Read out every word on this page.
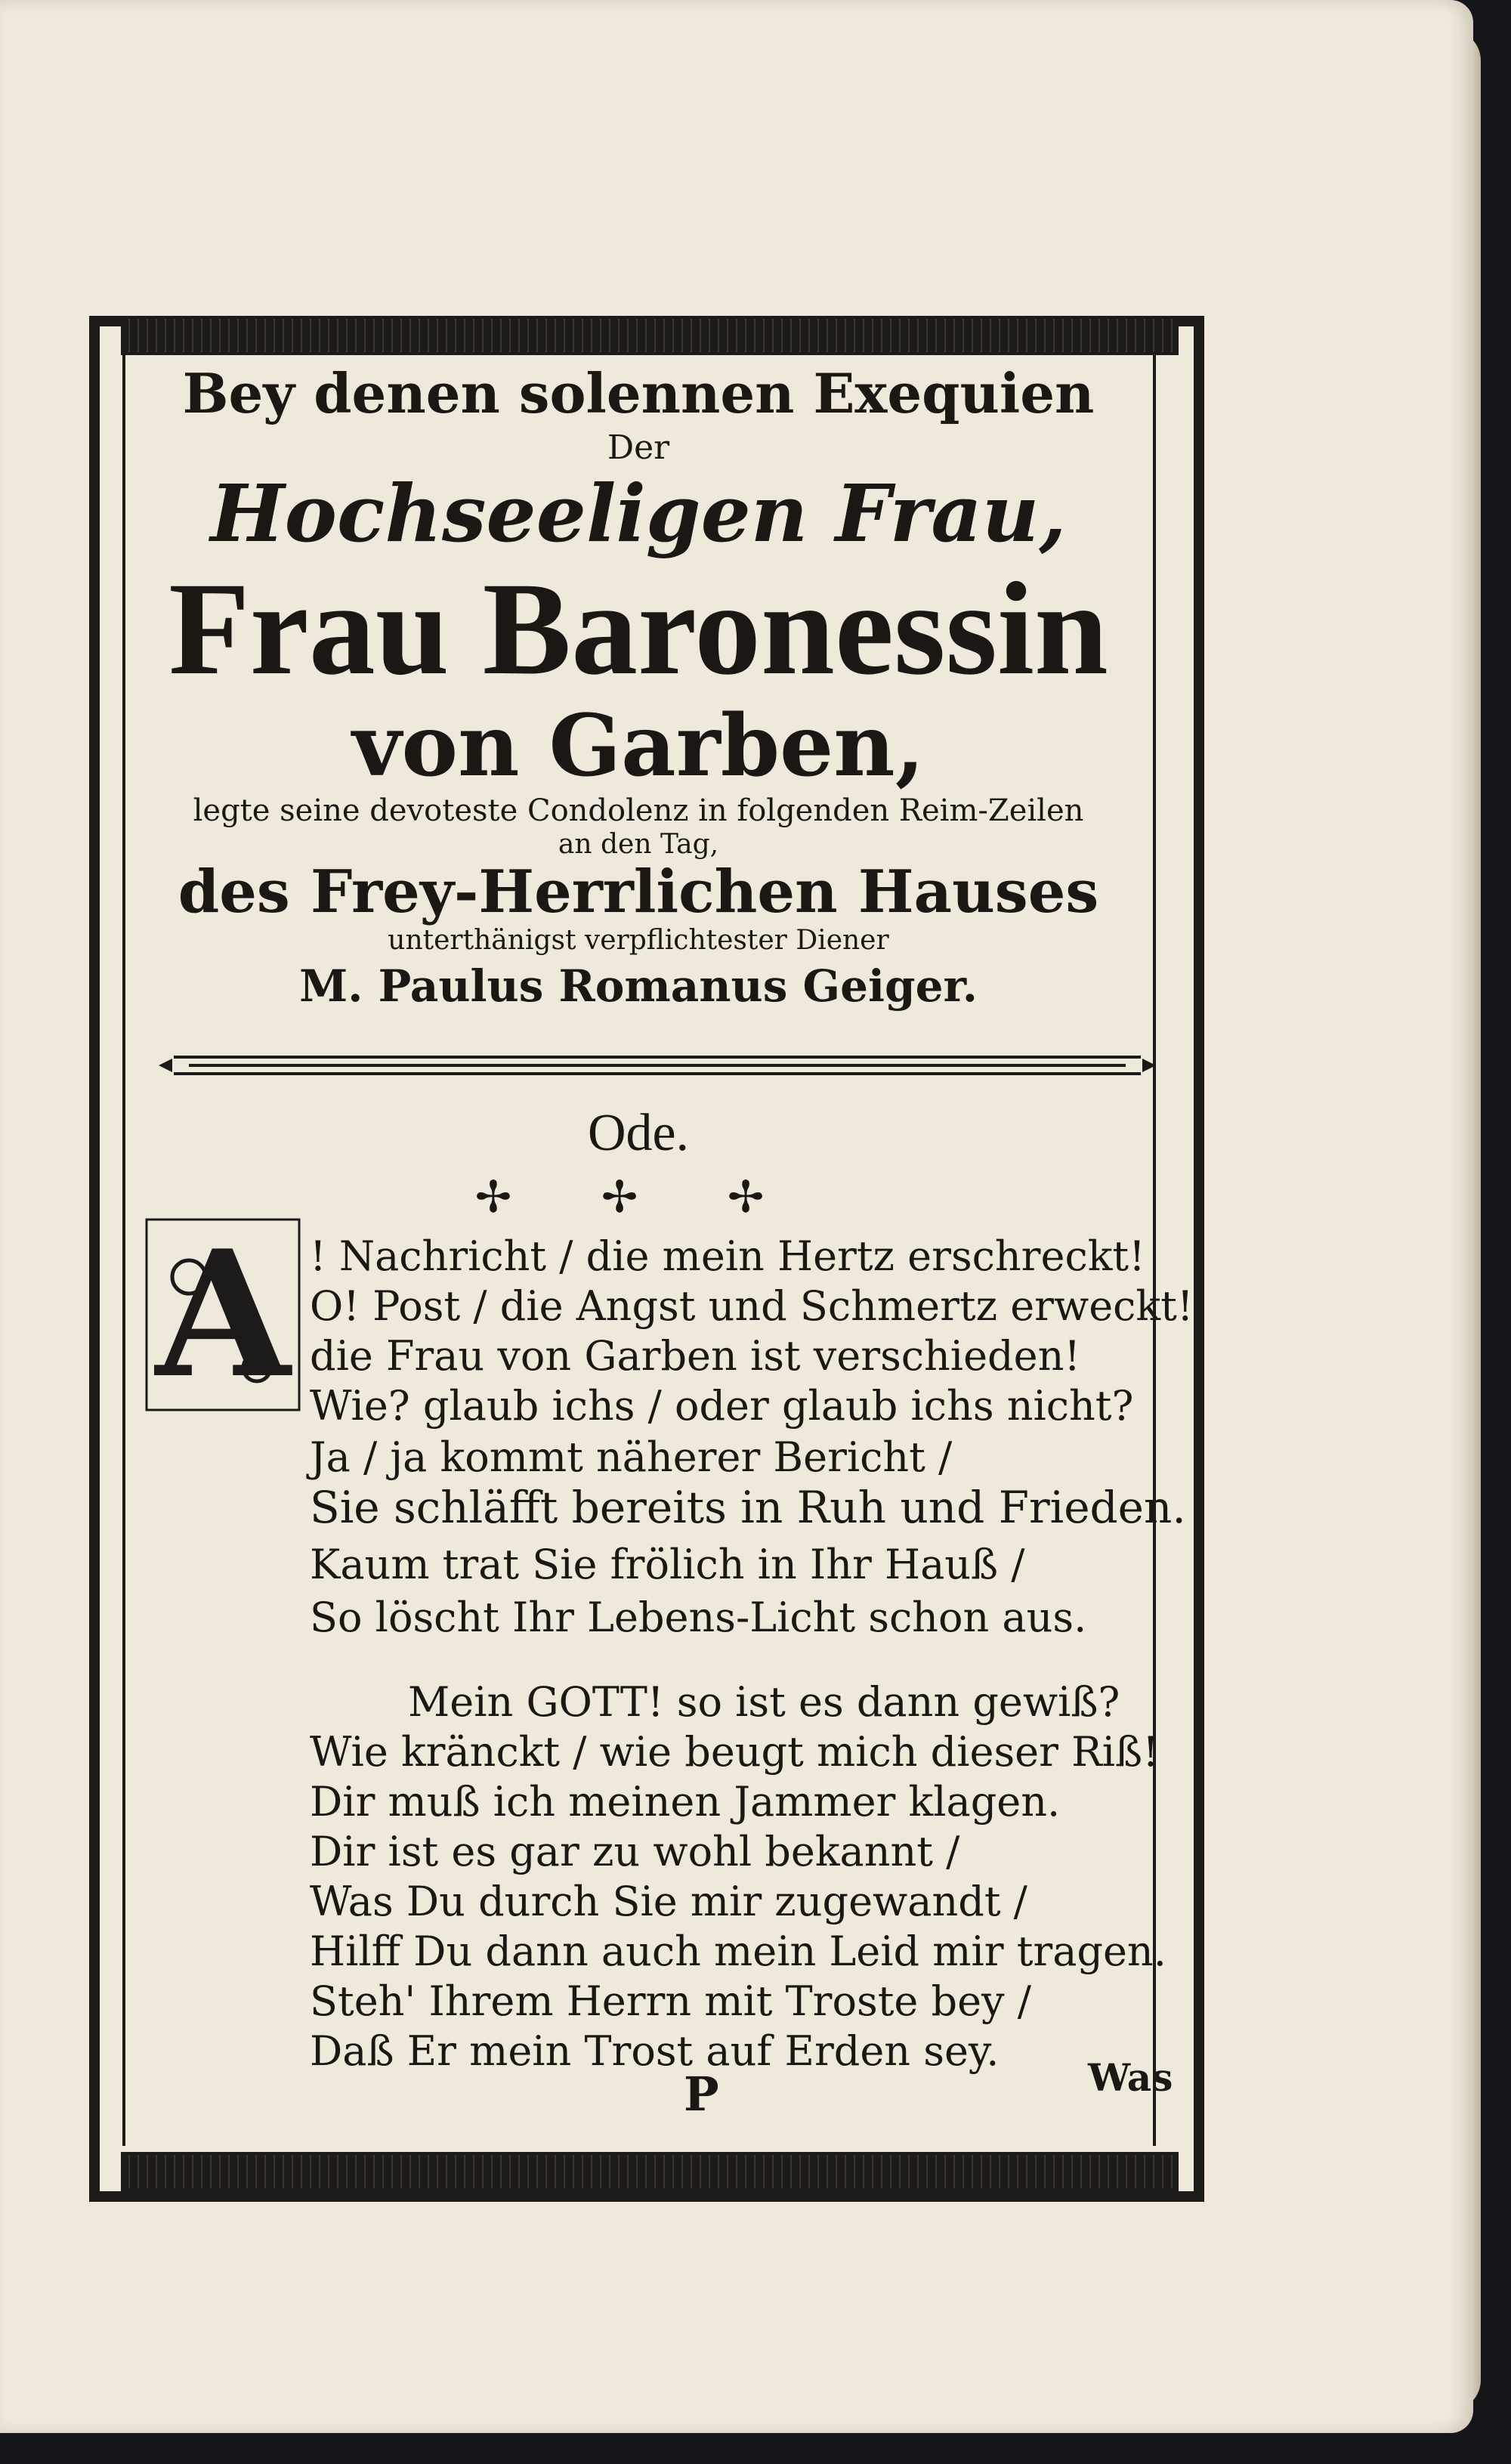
Bey denen solennen Exequien
Der
Hochseeligen Frau,
Frau Baronessin
von Garben,
legte seine devoteste Condolenz in folgenden Reim-Zeilen
an den Tag,
des Frey-Herrlichen Hauses
unterthänigst verpflichtester Diener
M. Paulus Romanus Geiger.
Ode.
✢ ✢ ✢
A ! Nachricht / die mein Hertz erschreckt!
O! Post / die Angst und Schmertz erweckt!
die Frau von Garben ist verschieden!
Wie? glaub ichs / oder glaub ichs nicht?
Ja / ja kommt näherer Bericht /
Sie schläfft bereits in Ruh und Frieden.
Kaum trat Sie frölich in Ihr Hauß /
So löscht Ihr Lebens-Licht schon aus.
Mein GOTT! so ist es dann gewiß?
Wie kränckt / wie beugt mich dieser Riß!
Dir muß ich meinen Jammer klagen.
Dir ist es gar zu wohl bekannt /
Was Du durch Sie mir zugewandt /
Hilff Du dann auch mein Leid mir tragen.
Steh' Ihrem Herrn mit Troste bey /
Daß Er mein Trost auf Erden sey.
P	Was
